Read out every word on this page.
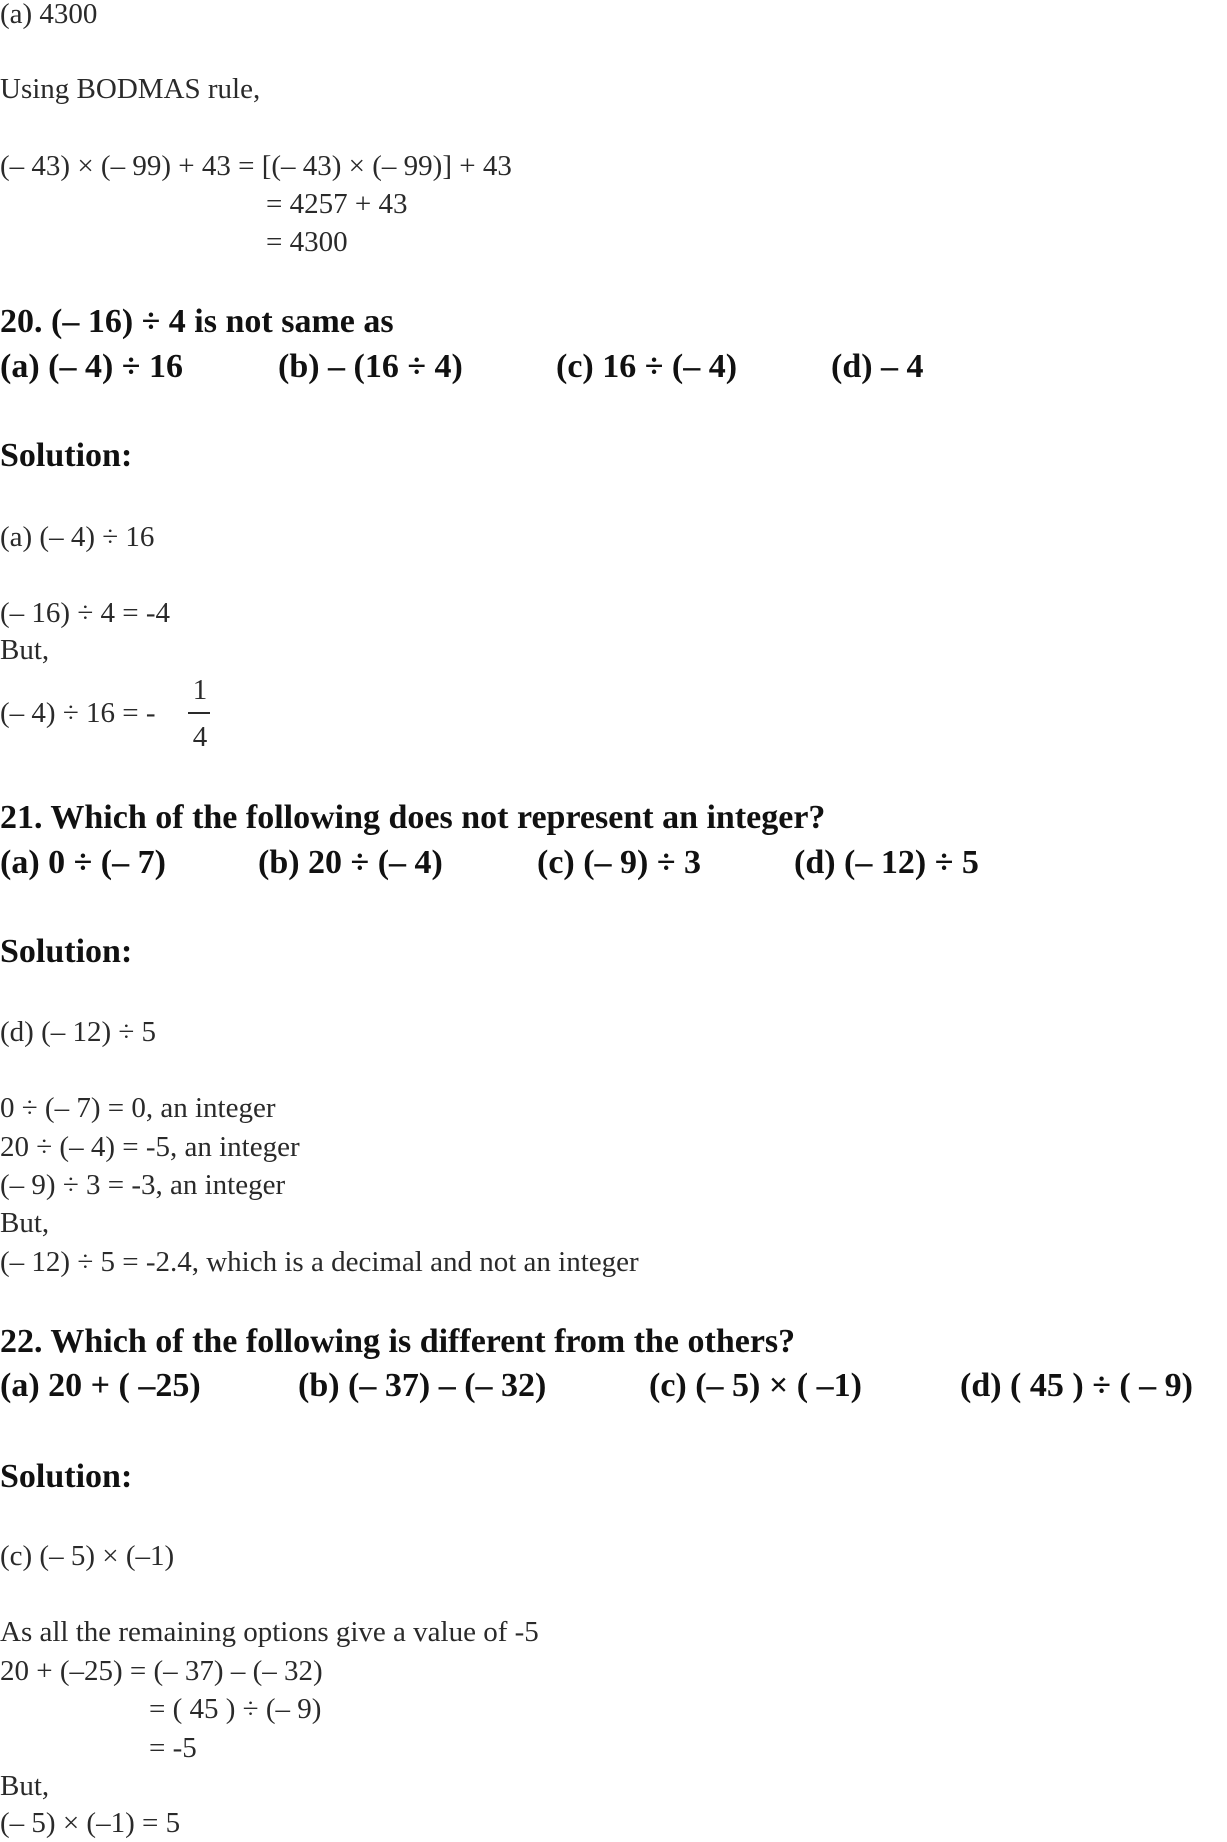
(a) 4300
Using BODMAS rule,
(– 43) × (– 99) + 43 = [(– 43) × (– 99)] + 43
= 4257 + 43
= 4300
20. (– 16) ÷ 4 is not same as
(a) (– 4) ÷ 16	(b) – (16 ÷ 4)	(c) 16 ÷ (– 4)	(d) – 4
Solution:
(a) (– 4) ÷ 16
(– 16) ÷ 4 = -4
But,
(– 4) ÷ 16 = -
1
4
21. Which of the following does not represent an integer?
(a) 0 ÷ (– 7)	(b) 20 ÷ (– 4)	(c) (– 9) ÷ 3	(d) (– 12) ÷ 5
Solution:
(d) (– 12) ÷ 5
0 ÷ (– 7) = 0, an integer
20 ÷ (– 4) = -5, an integer
(– 9) ÷ 3 = -3, an integer
But,
(– 12) ÷ 5 = -2.4, which is a decimal and not an integer
22. Which of the following is different from the others?
(a) 20 + ( –25)	(b) (– 37) – (– 32)	(c) (– 5) × ( –1)	(d) ( 45 ) ÷ ( – 9)
Solution:
(c) (– 5) × (–1)
As all the remaining options give a value of -5
20 + (–25) = (– 37) – (– 32)
= ( 45 ) ÷ (– 9)
= -5
But,
(– 5) × (–1) = 5
